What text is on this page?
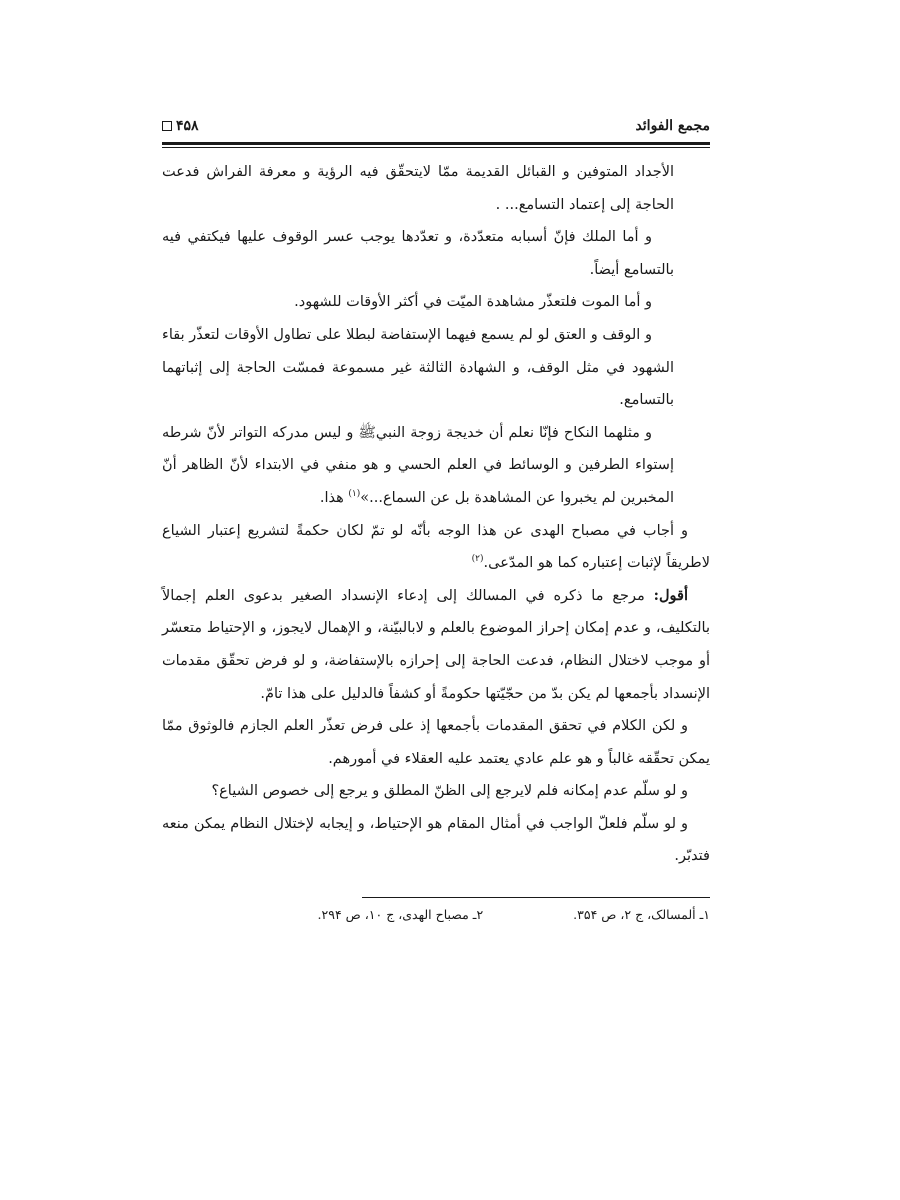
۴۵۸	مجمع الفوائد

الأجداد المتوفين و القبائل القديمة ممّا لايتحقّق فيه الرؤية و معرفة الفراش فدعت الحاجة إلى إعتماد التسامع... .

و أما الملك فإنّ أسبابه متعدّدة، و تعدّدها يوجب عسر الوقوف عليها فيكتفي فيه بالتسامع أيضاً.

و أما الموت فلتعذّر مشاهدة الميّت في أكثر الأوقات للشهود.

و الوقف و العتق لو لم يسمع فيهما الإستفاضة لبطلا على تطاول الأوقات لتعذّر بقاء الشهود في مثل الوقف، و الشهادة الثالثة غير مسموعة فمسّت الحاجة إلى إثباتهما بالتسامع.

و مثلهما النكاح فإنّا نعلم أن خديجة زوجة النبيﷺ و ليس مدركه التواتر لأنّ شرطه إستواء الطرفين و الوسائط في العلم الحسي و هو منفي في الابتداء لأنّ الظاهر أنّ المخبرين لم يخبروا عن المشاهدة بل عن السماع...»$^{(۱)}$ هذا.

و أجاب في مصباح الهدى عن هذا الوجه بأنّه لو تمّ لكان حكمةً لتشريع إعتبار الشياع لاطريقاً لإثبات إعتباره كما هو المدّعى.$^{(۲)}$

أقول: مرجع ما ذكره في المسالك إلى إدعاء الإنسداد الصغير بدعوى العلم إجمالاً بالتكليف، و عدم إمكان إحراز الموضوع بالعلم و لابالبيّنة، و الإهمال لايجوز، و الإحتياط متعسّر أو موجب لاختلال النظام، فدعت الحاجة إلى إحرازه بالإستفاضة، و لو فرض تحقّق مقدمات الإنسداد بأجمعها لم يكن بدّ من حجّيّتها حكومةً أو كشفاً فالدليل على هذا تامّ.

و لكن الكلام في تحقق المقدمات بأجمعها إذ على فرض تعذّر العلم الجازم فالوثوق ممّا يمكن تحقّقه غالباً و هو علم عادي يعتمد عليه العقلاء في أمورهم.

و لو سلّم عدم إمكانه فلم لايرجع إلى الظنّ المطلق و يرجع إلى خصوص الشياع؟

و لو سلّم فلعلّ الواجب في أمثال المقام هو الإحتياط، و إيجابه لإختلال النظام يمكن منعه فتدبّر.

۱ـ ألمسالک، ج ۲، ص ۳۵۴.
۲ـ مصباح الهدى، ج ۱۰، ص ۲۹۴.
